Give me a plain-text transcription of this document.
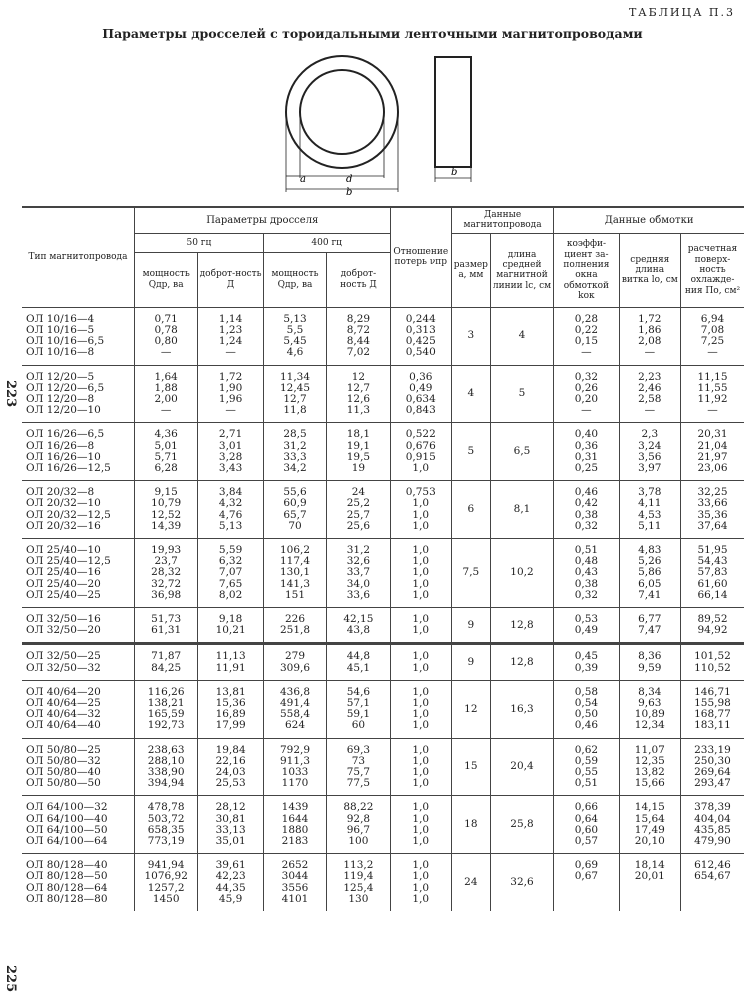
ТАБЛИЦА П.3
Параметры дросселей с тороидальными ленточными магнитопроводами
223
225
a	d
b
b
Тип магнитопровода	Параметры дросселя				Отношение потерь νпр	Данные магнитопровода		Данные обмотки		
	50 гц		400 гц			размер a, мм	длина средней магнитной линии lс, см	коэффи-циент за-полнения окна обмоткой kок	средняя длина витка lо, см	расчетная поверх-ность охлажде-ния По, см²
	мощность Qдр, ва	доброт-ность Д	мощность Qдр, ва	доброт-ность Д						
ОЛ 10/16—4	0,71	1,14	5,13	8,29	0,244	3	4	0,28	1,72	6,94
ОЛ 10/16—5	0,78	1,23	5,5	8,72	0,313			0,22	1,86	7,08
ОЛ 10/16—6,5	0,80	1,24	5,45	8,44	0,425			0,15	2,08	7,25
ОЛ 10/16—8	—	—	4,6	7,02	0,540			—	—	—
ОЛ 12/20—5	1,64	1,72	11,34	12	0,36	4	5	0,32	2,23	11,15
ОЛ 12/20—6,5	1,88	1,90	12,45	12,7	0,49			0,26	2,46	11,55
ОЛ 12/20—8	2,00	1,96	12,7	12,6	0,634			0,20	2,58	11,92
ОЛ 12/20—10	—	—	11,8	11,3	0,843			—	—	—
ОЛ 16/26—6,5	4,36	2,71	28,5	18,1	0,522	5	6,5	0,40	2,3	20,31
ОЛ 16/26—8	5,01	3,01	31,2	19,1	0,676			0,36	3,24	21,04
ОЛ 16/26—10	5,71	3,28	33,3	19,5	0,915			0,31	3,56	21,97
ОЛ 16/26—12,5	6,28	3,43	34,2	19	1,0			0,25	3,97	23,06
ОЛ 20/32—8	9,15	3,84	55,6	24	0,753	6	8,1	0,46	3,78	32,25
ОЛ 20/32—10	10,79	4,32	60,9	25,2	1,0			0,42	4,11	33,66
ОЛ 20/32—12,5	12,52	4,76	65,7	25,7	1,0			0,38	4,53	35,36
ОЛ 20/32—16	14,39	5,13	70	25,6	1,0			0,32	5,11	37,64
ОЛ 25/40—10	19,93	5,59	106,2	31,2	1,0	7,5	10,2	0,51	4,83	51,95
ОЛ 25/40—12,5	23,7	6,32	117,4	32,6	1,0			0,48	5,26	54,43
ОЛ 25/40—16	28,32	7,07	130,1	33,7	1,0			0,43	5,86	57,83
ОЛ 25/40—20	32,72	7,65	141,3	34,0	1,0			0,38	6,05	61,60
ОЛ 25/40—25	36,98	8,02	151	33,6	1,0			0,32	7,41	66,14
ОЛ 32/50—16	51,73	9,18	226	42,15	1,0	9	12,8	0,53	6,77	89,52
ОЛ 32/50—20	61,31	10,21	251,8	43,8	1,0			0,49	7,47	94,92
ОЛ 32/50—25	71,87	11,13	279	44,8	1,0	9	12,8	0,45	8,36	101,52
ОЛ 32/50—32	84,25	11,91	309,6	45,1	1,0			0,39	9,59	110,52
ОЛ 40/64—20	116,26	13,81	436,8	54,6	1,0	12	16,3	0,58	8,34	146,71
ОЛ 40/64—25	138,21	15,36	491,4	57,1	1,0			0,54	9,63	155,98
ОЛ 40/64—32	165,59	16,89	558,4	59,1	1,0			0,50	10,89	168,77
ОЛ 40/64—40	192,73	17,99	624	60	1,0			0,46	12,34	183,11
ОЛ 50/80—25	238,63	19,84	792,9	69,3	1,0	15	20,4	0,62	11,07	233,19
ОЛ 50/80—32	288,10	22,16	911,3	73	1,0			0,59	12,35	250,30
ОЛ 50/80—40	338,90	24,03	1033	75,7	1,0			0,55	13,82	269,64
ОЛ 50/80—50	394,94	25,53	1170	77,5	1,0			0,51	15,66	293,47
ОЛ 64/100—32	478,78	28,12	1439	88,22	1,0	18	25,8	0,66	14,15	378,39
ОЛ 64/100—40	503,72	30,81	1644	92,8	1,0			0,64	15,64	404,04
ОЛ 64/100—50	658,35	33,13	1880	96,7	1,0			0,60	17,49	435,85
ОЛ 64/100—64	773,19	35,01	2183	100	1,0			0,57	20,10	479,90
ОЛ 80/128—40	941,94	39,61	2652	113,2	1,0	24	32,6	0,69	18,14	612,46
ОЛ 80/128—50	1076,92	42,23	3044	119,4	1,0			0,67	20,01	654,67
ОЛ 80/128—64	1257,2	44,35	3556	125,4	1,0					
ОЛ 80/128—80	1450	45,9	4101	130	1,0					
